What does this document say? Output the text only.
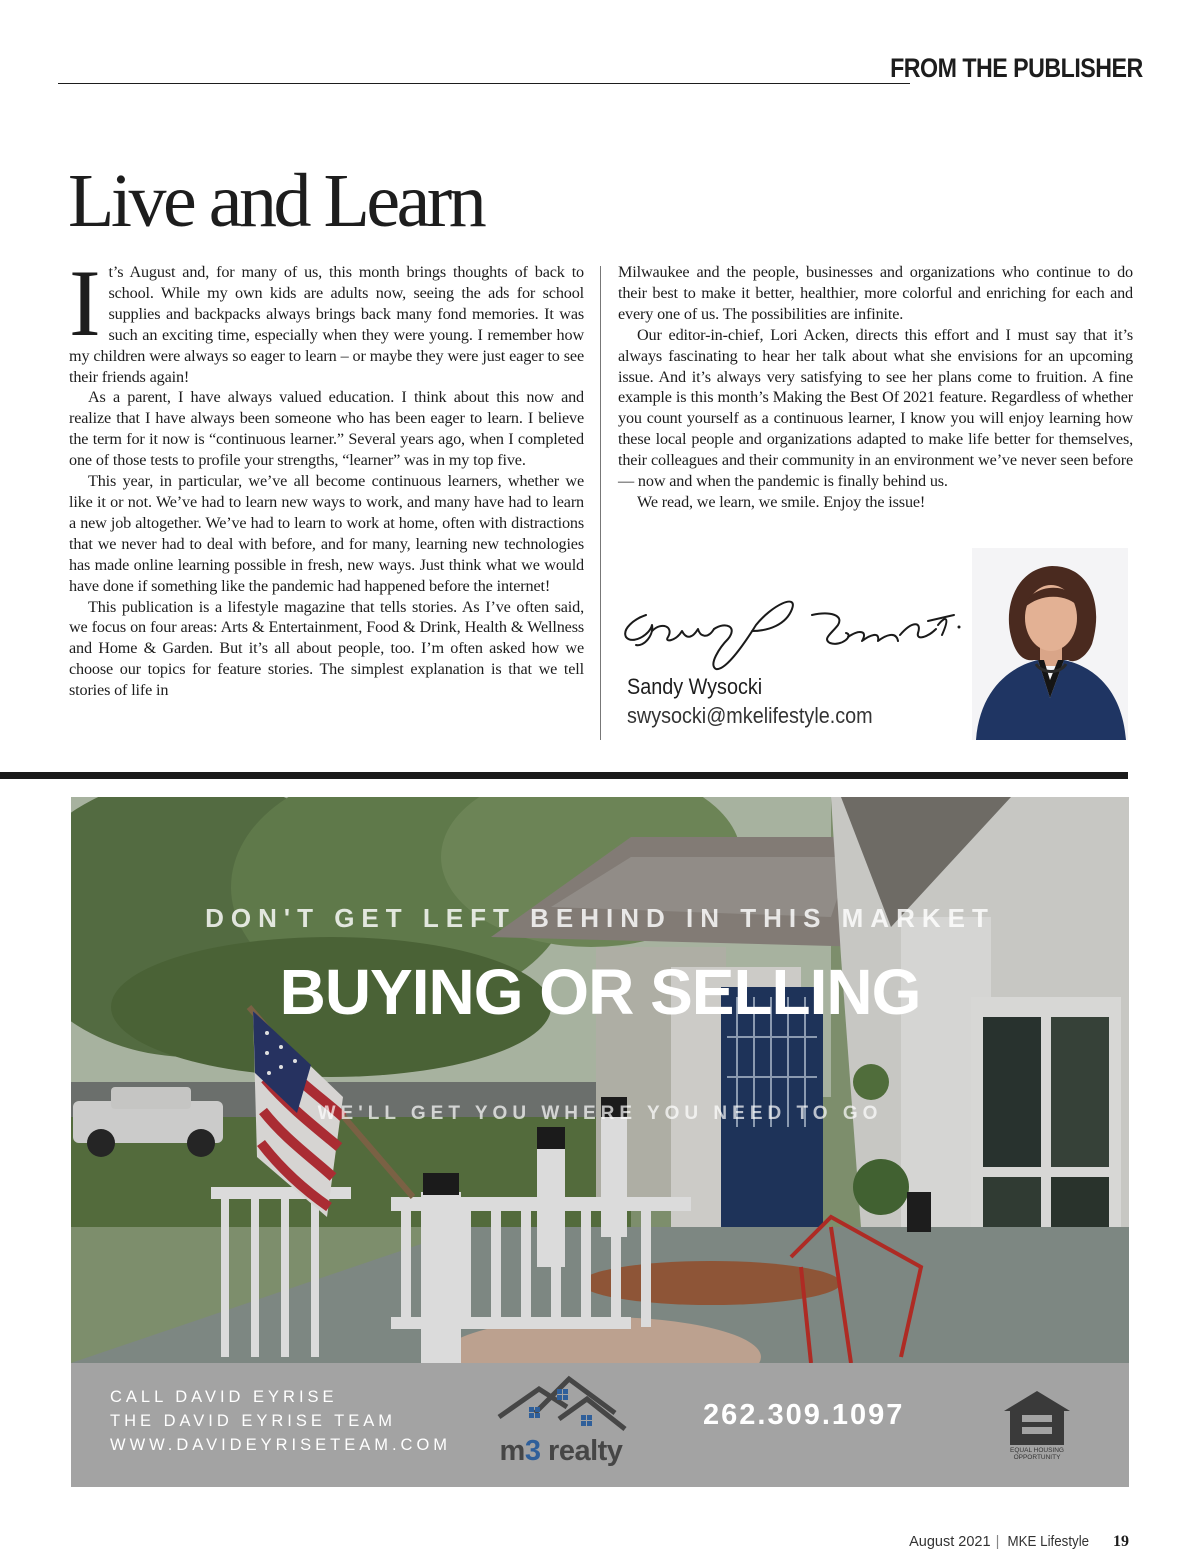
FROM THE PUBLISHER
Live and Learn

It’s August and, for many of us, this month brings thoughts of back to school. While my own kids are adults now, seeing the ads for school supplies and backpacks always brings back many fond memories. It was such an exciting time, especially when they were young. I remember how my children were always so eager to learn – or maybe they were just eager to see their friends again!

As a parent, I have always valued education. I think about this now and realize that I have always been someone who has been eager to learn. I believe the term for it now is “continuous learner.” Several years ago, when I completed one of those tests to profile your strengths, “learner” was in my top five.

This year, in particular, we’ve all become continuous learners, whether we like it or not. We’ve had to learn new ways to work, and many have had to learn a new job altogether. We’ve had to learn to work at home, often with distractions that we never had to deal with before, and for many, learning new technologies has made online learning possible in fresh, new ways. Just think what we would have done if something like the pandemic had happened before the internet!

This publication is a lifestyle magazine that tells stories. As I’ve often said, we focus on four areas: Arts & Entertainment, Food & Drink, Health & Wellness and Home & Garden. But it’s all about people, too. I’m often asked how we choose our topics for feature stories. The simplest explanation is that we tell stories of life in

Milwaukee and the people, businesses and organizations who continue to do their best to make it better, healthier, more colorful and enriching for each and every one of us. The possibilities are infinite.

Our editor-in-chief, Lori Acken, directs this effort and I must say that it’s always fascinating to hear her talk about what she envisions for an upcoming issue. And it’s always very satisfying to see her plans come to fruition. A fine example is this month’s Making the Best Of 2021 feature. Regardless of whether you count yourself as a continuous learner, I know you will enjoy learning how these local people and organizations adapted to make life better for themselves, their colleagues and their community in an environment we’ve never seen before — now and when the pandemic is finally behind us.

We read, we learn, we smile. Enjoy the issue!

Sandy Wysocki
swysocki@mkelifestyle.com
DON'T GET LEFT BEHIND IN THIS MARKET
BUYING OR SELLING
WE'LL GET YOU WHERE YOU NEED TO GO
CALL DAVID EYRISE
THE DAVID EYRISE TEAM
WWW.DAVIDEYRISETEAM.COM	m3 realty
262.309.1097
EQUAL HOUSING OPPORTUNITY
August 2021 | MKE Lifestyle 19
